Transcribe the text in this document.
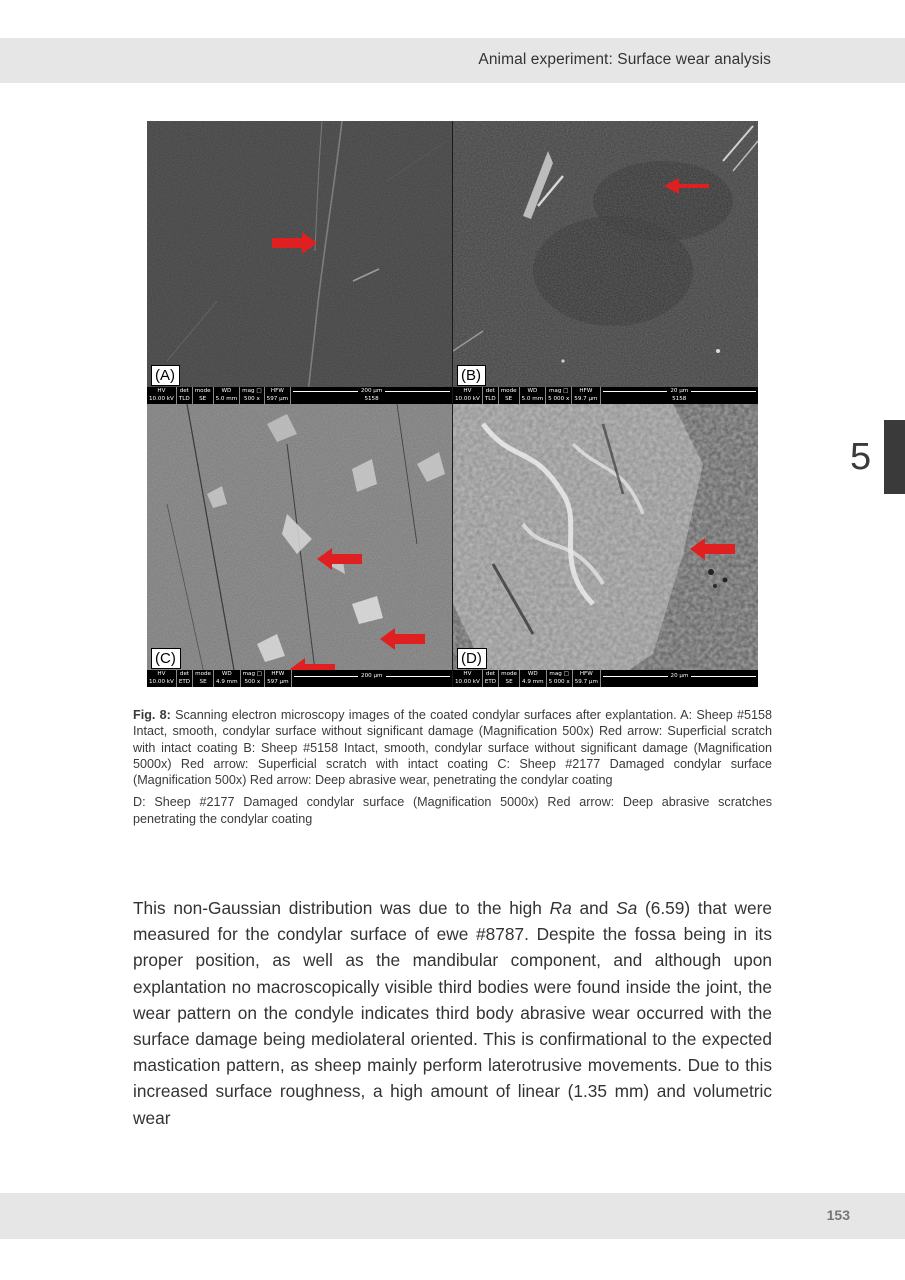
Animal experiment: Surface wear analysis
5
(A)
HV
10.00 kV
det
TLD
mode
SE
WD
5.0 mm
mag □
500 x
HFW
597 µm
200 µm
5158
(B)
HV
10.00 kV
det
TLD
mode
SE
WD
5.0 mm
mag □
5 000 x
HFW
59.7 µm
20 µm
5158
(C)
HV
10.00 kV
det
ETD
mode
SE
WD
4.9 mm
mag □
500 x
HFW
597 µm
200 µm
(D)
HV
10.00 kV
det
ETD
mode
SE
WD
4.9 mm
mag □
5 000 x
HFW
59.7 µm
20 µm

Fig. 8: Scanning electron microscopy images of the coated condylar surfaces after explantation. A: Sheep #5158 Intact, smooth, condylar surface without significant damage (Magnification 500x) Red arrow: Superficial scratch with intact coating B: Sheep #5158 Intact, smooth, condylar surface without significant damage (Magnification 5000x) Red arrow: Superficial scratch with intact coating C: Sheep #2177 Damaged condylar surface (Magnification 500x) Red arrow: Deep abrasive wear, penetrating the condylar coating

D: Sheep #2177 Damaged condylar surface (Magnification 5000x) Red arrow: Deep abrasive scratches penetrating the condylar coating

This non-Gaussian distribution was due to the high Ra and Sa (6.59) that were measured for the condylar surface of ewe #8787. Despite the fossa being in its proper position, as well as the mandibular component, and although upon explantation no macroscopically visible third bodies were found inside the joint, the wear pattern on the condyle indicates third body abrasive wear occurred with the surface damage being mediolateral oriented. This is confirmational to the expected mastication pattern, as sheep mainly perform laterotrusive movements. Due to this increased surface roughness, a high amount of linear (1.35 mm) and volumetric wear
153
